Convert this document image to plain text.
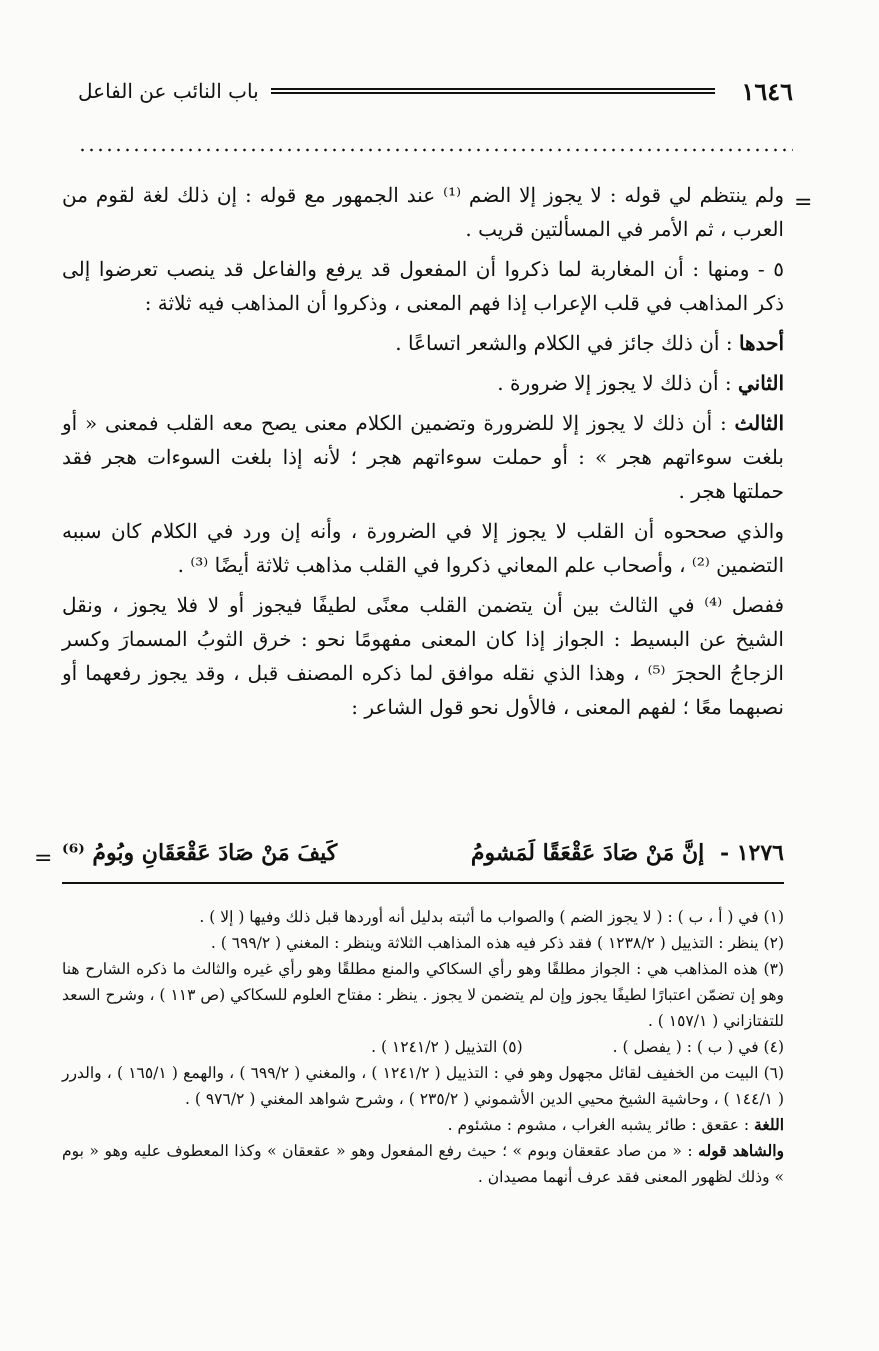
١٦٤٦
باب النائب عن الفاعل
=

ولم ينتظم لي قوله : لا يجوز إلا الضم ⁽¹⁾ عند الجمهور مع قوله : إن ذلك لغة لقوم من العرب ، ثم الأمر في المسألتين قريب .

٥ - ومنها : أن المغاربة لما ذكروا أن المفعول قد يرفع والفاعل قد ينصب تعرضوا إلى ذكر المذاهب في قلب الإعراب إذا فهم المعنى ، وذكروا أن المذاهب فيه ثلاثة :

أحدها : أن ذلك جائز في الكلام والشعر اتساعًا .

الثاني : أن ذلك لا يجوز إلا ضرورة .

الثالث : أن ذلك لا يجوز إلا للضرورة وتضمين الكلام معنى يصح معه القلب فمعنى « أو بلغت سوءاتهم هجر » : أو حملت سوءاتهم هجر ؛ لأنه إذا بلغت السوءات هجر فقد حملتها هجر .

والذي صححوه أن القلب لا يجوز إلا في الضرورة ، وأنه إن ورد في الكلام كان سببه التضمين ⁽²⁾ ، وأصحاب علم المعاني ذكروا في القلب مذاهب ثلاثة أيضًا ⁽³⁾ .

ففصل ⁽⁴⁾ في الثالث بين أن يتضمن القلب معنًى لطيفًا فيجوز أو لا فلا يجوز ، ونقل الشيخ عن البسيط : الجواز إذا كان المعنى مفهومًا نحو : خرق الثوبُ المسمارَ وكسر الزجاجُ الحجرَ ⁽⁵⁾ ، وهذا الذي نقله موافق لما ذكره المصنف قبل ، وقد يجوز رفعهما أو نصبهما معًا ؛ لفهم المعنى ، فالأول نحو قول الشاعر :

١٢٧٦ - إنَّ مَنْ صَادَ عَقْعَقًا لَمَشومُ
كَيفَ مَنْ صَادَ عَقْعَقَانِ وبُومُ ⁽⁶⁾
=

(١) في ( أ ، ب ) : ( لا يجوز الضم ) والصواب ما أثبته بدليل أنه أوردها قبل ذلك وفيها ( إلا ) .

(٢) ينظر : التذييل ( ١٢٣٨/٢ ) فقد ذكر فيه هذه المذاهب الثلاثة وينظر : المغني ( ٦٩٩/٢ ) .

(٣) هذه المذاهب هي : الجواز مطلقًا وهو رأي السكاكي والمنع مطلقًا وهو رأي غيره والثالث ما ذكره الشارح هنا وهو إن تضمّن اعتبارًا لطيفًا يجوز وإن لم يتضمن لا يجوز . ينظر : مفتاح العلوم للسكاكي (ص ١١٣ ) ، وشرح السعد للتفتازاني ( ١٥٧/١ ) .

(٤) في ( ب ) : ( يفصل ) .
(٥) التذييل ( ١٢٤١/٢ ) .

(٦) البيت من الخفيف لقائل مجهول وهو في : التذييل ( ١٢٤١/٢ ) ، والمغني ( ٦٩٩/٢ ) ، والهمع ( ١٦٥/١ ) ، والدرر ( ١٤٤/١ ) ، وحاشية الشيخ محيي الدين الأشموني ( ٢٣٥/٢ ) ، وشرح شواهد المغني ( ٩٧٦/٢ ) .

اللغة : عقعق : طائر يشبه الغراب ، مشوم : مشئوم .

والشاهد قوله : « من صاد عقعقان وبوم » ؛ حيث رفع المفعول وهو « عقعقان » وكذا المعطوف عليه وهو « بوم » وذلك لظهور المعنى فقد عرف أنهما مصيدان .
